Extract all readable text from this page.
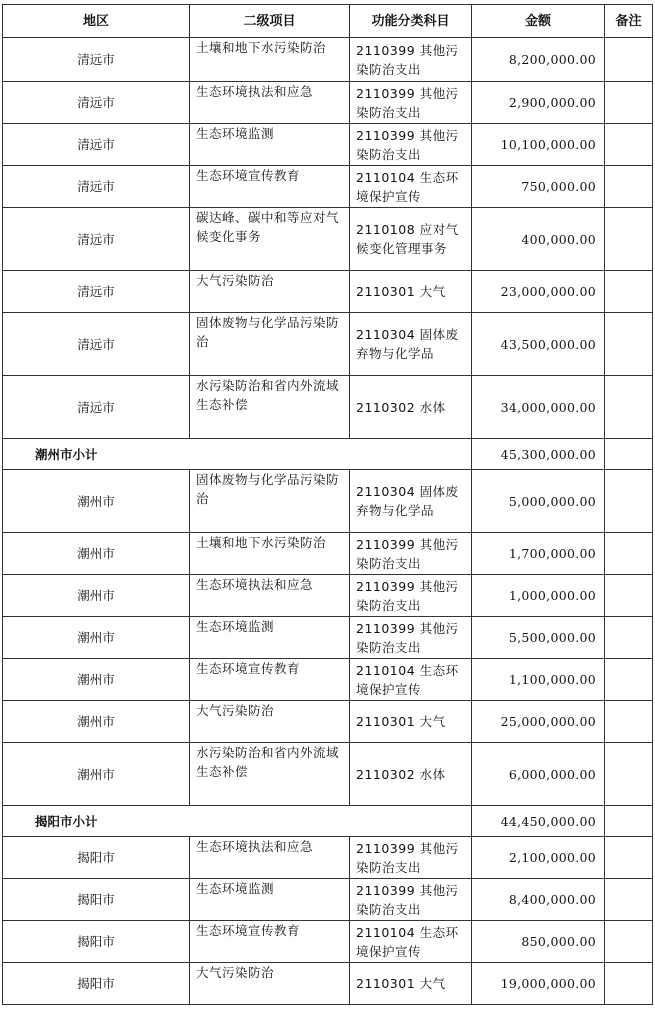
地区	二级项目	功能分类科目	金额	备注
清远市	土壤和地下水污染防治	2110399 其他污染防治支出	8,200,000.00	
清远市	生态环境执法和应急	2110399 其他污染防治支出	2,900,000.00	
清远市	生态环境监测	2110399 其他污染防治支出	10,100,000.00	
清远市	生态环境宣传教育	2110104 生态环境保护宣传	750,000.00	
清远市	碳达峰、碳中和等应对气候变化事务	2110108 应对气候变化管理事务	400,000.00	
清远市	大气污染防治	2110301 大气	23,000,000.00	
清远市	固体废物与化学品污染防治	2110304 固体废弃物与化学品	43,500,000.00	
清远市	水污染防治和省内外流域生态补偿	2110302 水体	34,000,000.00	
潮州市小计			45,300,000.00	
潮州市	固体废物与化学品污染防治	2110304 固体废弃物与化学品	5,000,000.00	
潮州市	土壤和地下水污染防治	2110399 其他污染防治支出	1,700,000.00	
潮州市	生态环境执法和应急	2110399 其他污染防治支出	1,000,000.00	
潮州市	生态环境监测	2110399 其他污染防治支出	5,500,000.00	
潮州市	生态环境宣传教育	2110104 生态环境保护宣传	1,100,000.00	
潮州市	大气污染防治	2110301 大气	25,000,000.00	
潮州市	水污染防治和省内外流域生态补偿	2110302 水体	6,000,000.00	
揭阳市小计			44,450,000.00	
揭阳市	生态环境执法和应急	2110399 其他污染防治支出	2,100,000.00	
揭阳市	生态环境监测	2110399 其他污染防治支出	8,400,000.00	
揭阳市	生态环境宣传教育	2110104 生态环境保护宣传	850,000.00	
揭阳市	大气污染防治	2110301 大气	19,000,000.00	
